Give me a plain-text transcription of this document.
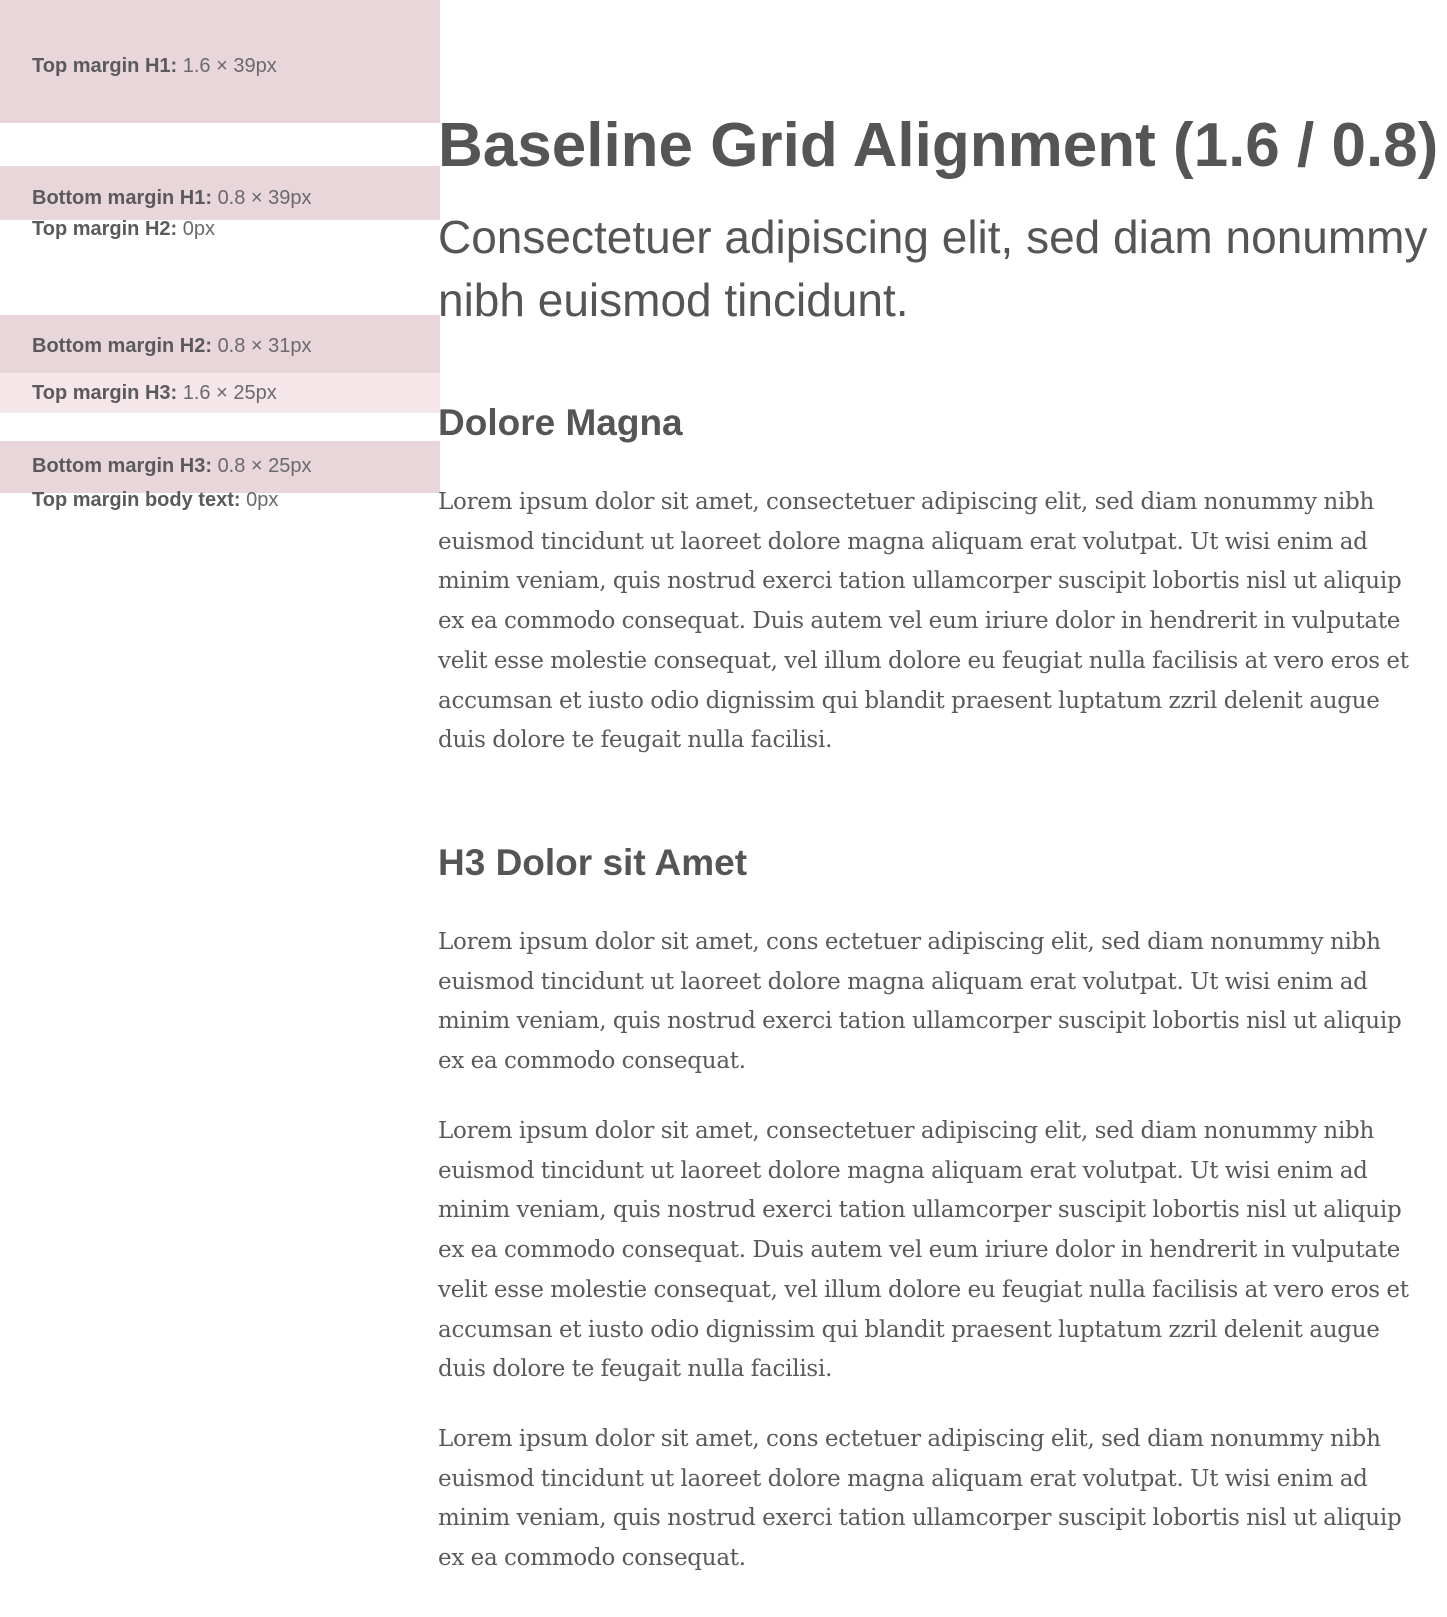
Top margin H1: 1.6 × 39px
Bottom margin H1: 0.8 × 39px
Top margin H2: 0px
Bottom margin H2: 0.8 × 31px
Top margin H3: 1.6 × 25px
Bottom margin H3: 0.8 × 25px
Top margin body text: 0px
Baseline Grid Alignment (1.6 / 0.8)
Consectetuer adipiscing elit, sed diam nonummy nibh euismod tincidunt.
Dolore Magna

Lorem ipsum dolor sit amet, consectetuer adipiscing elit, sed diam nonummy nibh euismod tincidunt ut laoreet dolore magna aliquam erat volutpat. Ut wisi enim ad minim veniam, quis nostrud exerci tation ullamcorper suscipit lobortis nisl ut aliquip ex ea commodo consequat. Duis autem vel eum iriure dolor in hendrerit in vulputate velit esse molestie consequat, vel illum dolore eu feugiat nulla facilisis at vero eros et accumsan et iusto odio dignissim qui blandit praesent luptatum zzril delenit augue duis dolore te feugait nulla facilisi.

H3 Dolor sit Amet

Lorem ipsum dolor sit amet, cons ectetuer adipiscing elit, sed diam nonummy nibh euismod tincidunt ut laoreet dolore magna aliquam erat volutpat. Ut wisi enim ad minim veniam, quis nostrud exerci tation ullamcorper suscipit lobortis nisl ut aliquip ex ea commodo consequat.

Lorem ipsum dolor sit amet, consectetuer adipiscing elit, sed diam nonummy nibh euismod tincidunt ut laoreet dolore magna aliquam erat volutpat. Ut wisi enim ad minim veniam, quis nostrud exerci tation ullamcorper suscipit lobortis nisl ut aliquip ex ea commodo consequat. Duis autem vel eum iriure dolor in hendrerit in vulputate velit esse molestie consequat, vel illum dolore eu feugiat nulla facilisis at vero eros et accumsan et iusto odio dignissim qui blandit praesent luptatum zzril delenit augue duis dolore te feugait nulla facilisi.

Lorem ipsum dolor sit amet, cons ectetuer adipiscing elit, sed diam nonummy nibh euismod tincidunt ut laoreet dolore magna aliquam erat volutpat. Ut wisi enim ad minim veniam, quis nostrud exerci tation ullamcorper suscipit lobortis nisl ut aliquip ex ea commodo consequat.
